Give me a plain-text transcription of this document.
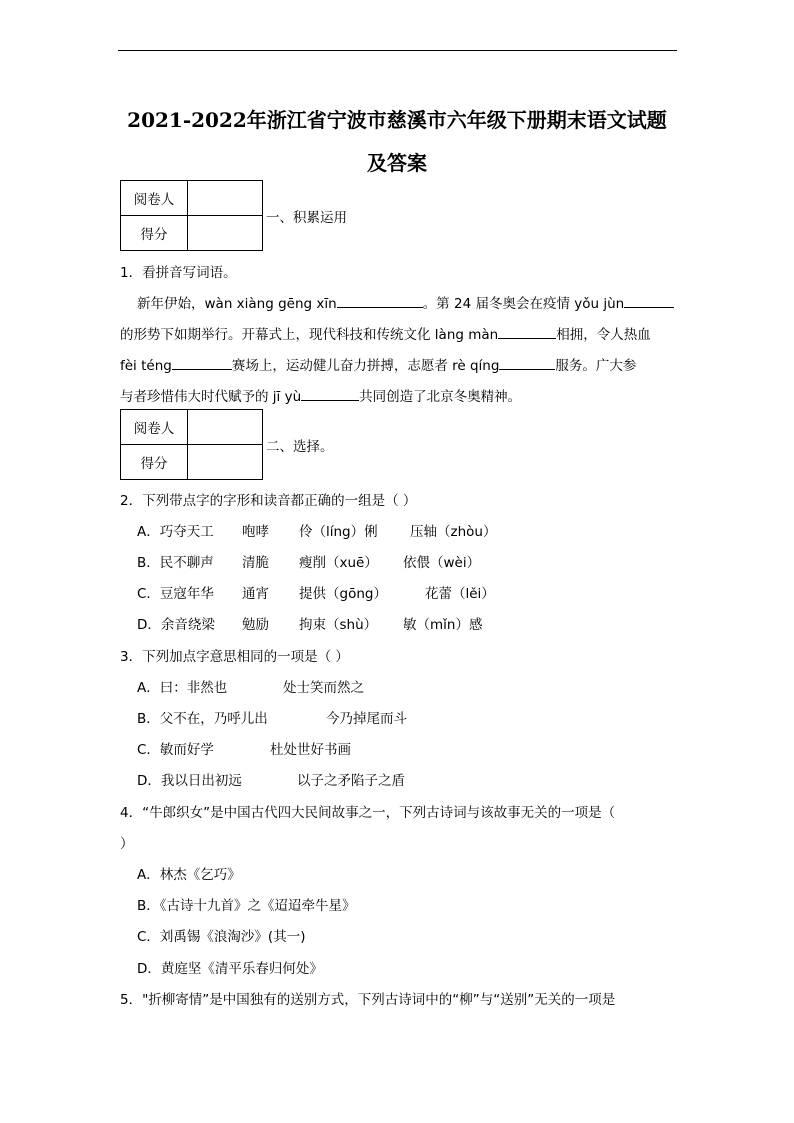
2021-2022年浙江省宁波市慈溪市六年级下册期末语文试题
及答案
阅卷人	
得分	
一、积累运用
1．看拼音写词语。
新年伊始，wàn xiàng gēng xīn	。第 24 届冬奥会在疫情 yǒu jùn
的形势下如期举行。开幕式上，现代科技和传统文化 làng màn	相拥，令人热血
fèi téng	赛场上，运动健儿奋力拼搏，志愿者 rè qíng	服务。广大参
与者珍惜伟大时代赋予的 jī yù	共同创造了北京冬奥精神。
阅卷人	
得分	
二、选择。
2．下列带点字的字形和读音都正确的一组是（ ）
A．巧夺天工 咆哮 伶（líng）俐 压轴（zhòu）
B．民不聊声 清脆 瘦削（xuē） 依偎（wèi）
C．豆寇年华 通宵 提供（gōng）	花蕾（lěi）
D．余音绕梁 勉励 拘束（shù） 敏（mǐn）感
3．下列加点字意思相同的一项是（ ）
A．曰：非然也	处士笑而然之
B．父不在，乃呼儿出	今乃掉尾而斗
C．敏而好学	杜处世好书画
D．我以日出初远	以子之矛陷子之盾
4．“牛郎织女”是中国古代四大民间故事之一，下列古诗词与该故事无关的一项是（
）
A．林杰《乞巧》
B．《古诗十九首》之《迢迢牵牛星》
C．刘禹锡《浪淘沙》(其一)
D．黄庭坚《清平乐春归何处》
5．"折柳寄情”是中国独有的送别方式，下列古诗词中的“柳”与“送别”无关的一项是
